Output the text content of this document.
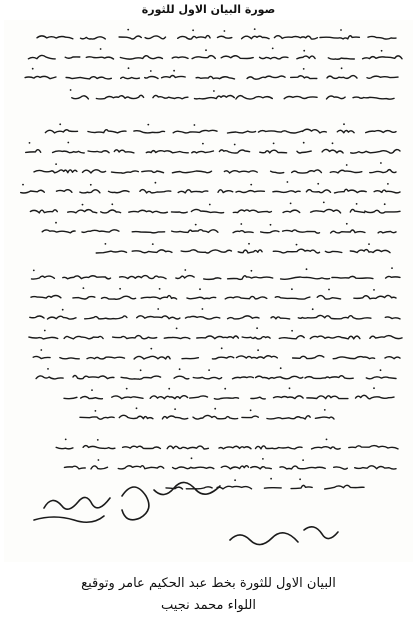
صورة البيان الاول للثورة
البيان الاول للثورة بخط عبد الحكيم عامر وتوقيع
اللواء محمد نجيب
